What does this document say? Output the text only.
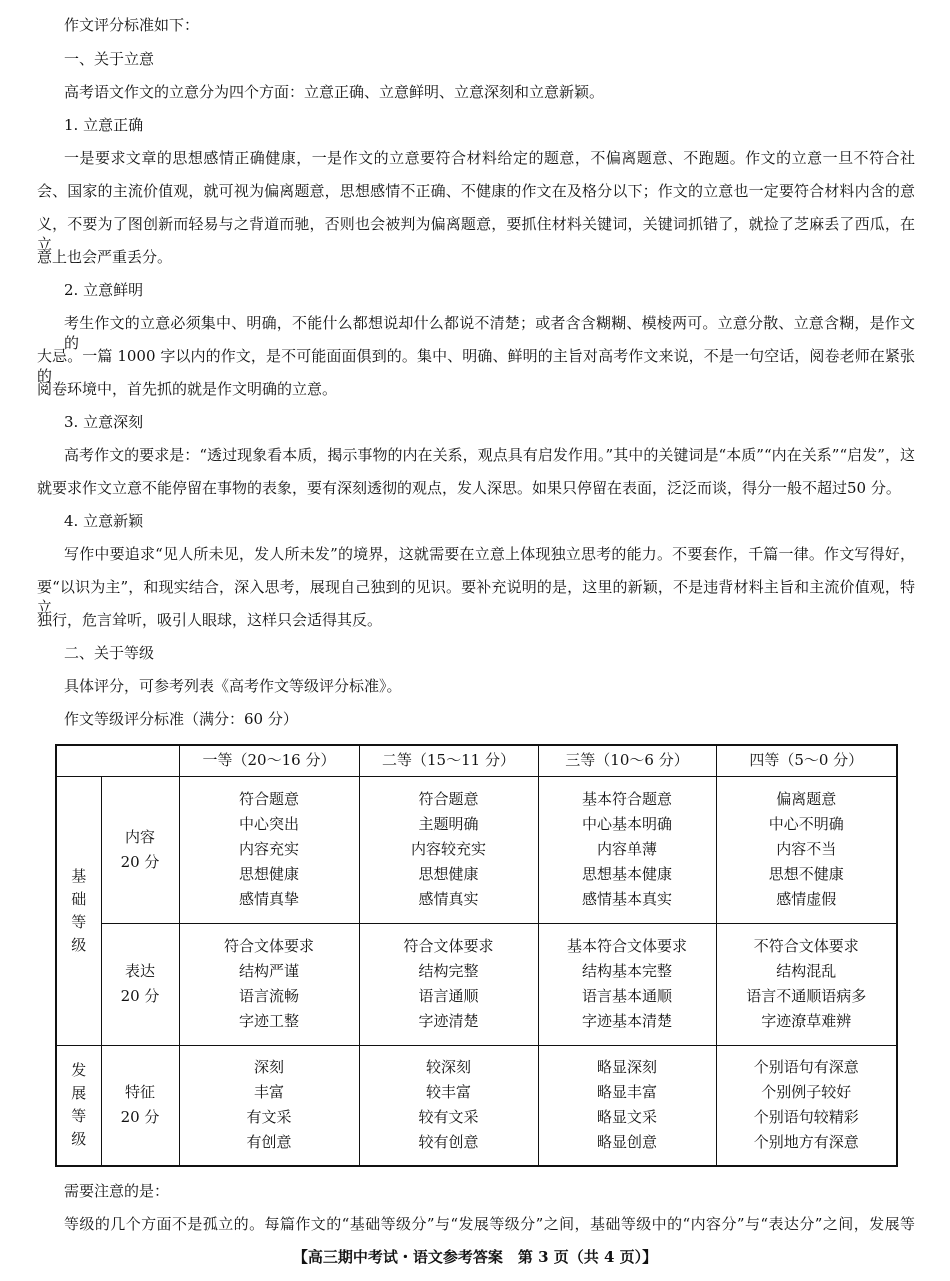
作文评分标准如下：
一、关于立意
高考语文作文的立意分为四个方面：立意正确、立意鲜明、立意深刻和立意新颖。
1. 立意正确
一是要求文章的思想感情正确健康，一是作文的立意要符合材料给定的题意，不偏离题意、不跑题。作文的立意一旦不符合社
会、国家的主流价值观，就可视为偏离题意，思想感情不正确、不健康的作文在及格分以下；作文的立意也一定要符合材料内含的意
义，不要为了图创新而轻易与之背道而驰，否则也会被判为偏离题意，要抓住材料关键词，关键词抓错了，就捡了芝麻丢了西瓜，在立
意上也会严重丢分。
2. 立意鲜明
考生作文的立意必须集中、明确，不能什么都想说却什么都说不清楚；或者含含糊糊、模棱两可。立意分散、立意含糊，是作文的
大忌。一篇 1000 字以内的作文，是不可能面面俱到的。集中、明确、鲜明的主旨对高考作文来说，不是一句空话，阅卷老师在紧张的
阅卷环境中，首先抓的就是作文明确的立意。
3. 立意深刻
高考作文的要求是：“透过现象看本质，揭示事物的内在关系，观点具有启发作用。”其中的关键词是“本质”“内在关系”“启发”，这
就要求作文立意不能停留在事物的表象，要有深刻透彻的观点，发人深思。如果只停留在表面，泛泛而谈，得分一般不超过50 分。
4. 立意新颖
写作中要追求“见人所未见，发人所未发”的境界，这就需要在立意上体现独立思考的能力。不要套作，千篇一律。作文写得好，
要“以识为主”，和现实结合，深入思考，展现自己独到的见识。要补充说明的是，这里的新颖，不是违背材料主旨和主流价值观，特立
独行，危言耸听，吸引人眼球，这样只会适得其反。
二、关于等级
具体评分，可参考列表《高考作文等级评分标准》。
作文等级评分标准（满分：60 分）
		一等（20～16 分）	二等（15～11 分）	三等（10～6 分）	四等（5～0 分）

基
础
等
级	内容
20 分	符合题意
中心突出
内容充实
思想健康
感情真挚	符合题意
主题明确
内容较充实
思想健康
感情真实	基本符合题意
中心基本明确
内容单薄
思想基本健康
感情基本真实	偏离题意
中心不明确
内容不当
思想不健康
感情虚假

	表达
20 分	符合文体要求
结构严谨
语言流畅
字迹工整	符合文体要求
结构完整
语言通顺
字迹清楚	基本符合文体要求
结构基本完整
语言基本通顺
字迹基本清楚	不符合文体要求
结构混乱
语言不通顺语病多
字迹潦草难辨

发
展
等
级	特征
20 分	深刻
丰富
有文采
有创意	较深刻
较丰富
较有文采
较有创意	略显深刻
略显丰富
略显文采
略显创意	个别语句有深意
个别例子较好
个别语句较精彩
个别地方有深意
需要注意的是：
等级的几个方面不是孤立的。每篇作文的“基础等级分”与“发展等级分”之间，基础等级中的“内容分”与“表达分”之间，发展等
【高三期中考试・语文参考答案　第 3 页（共 4 页）】
